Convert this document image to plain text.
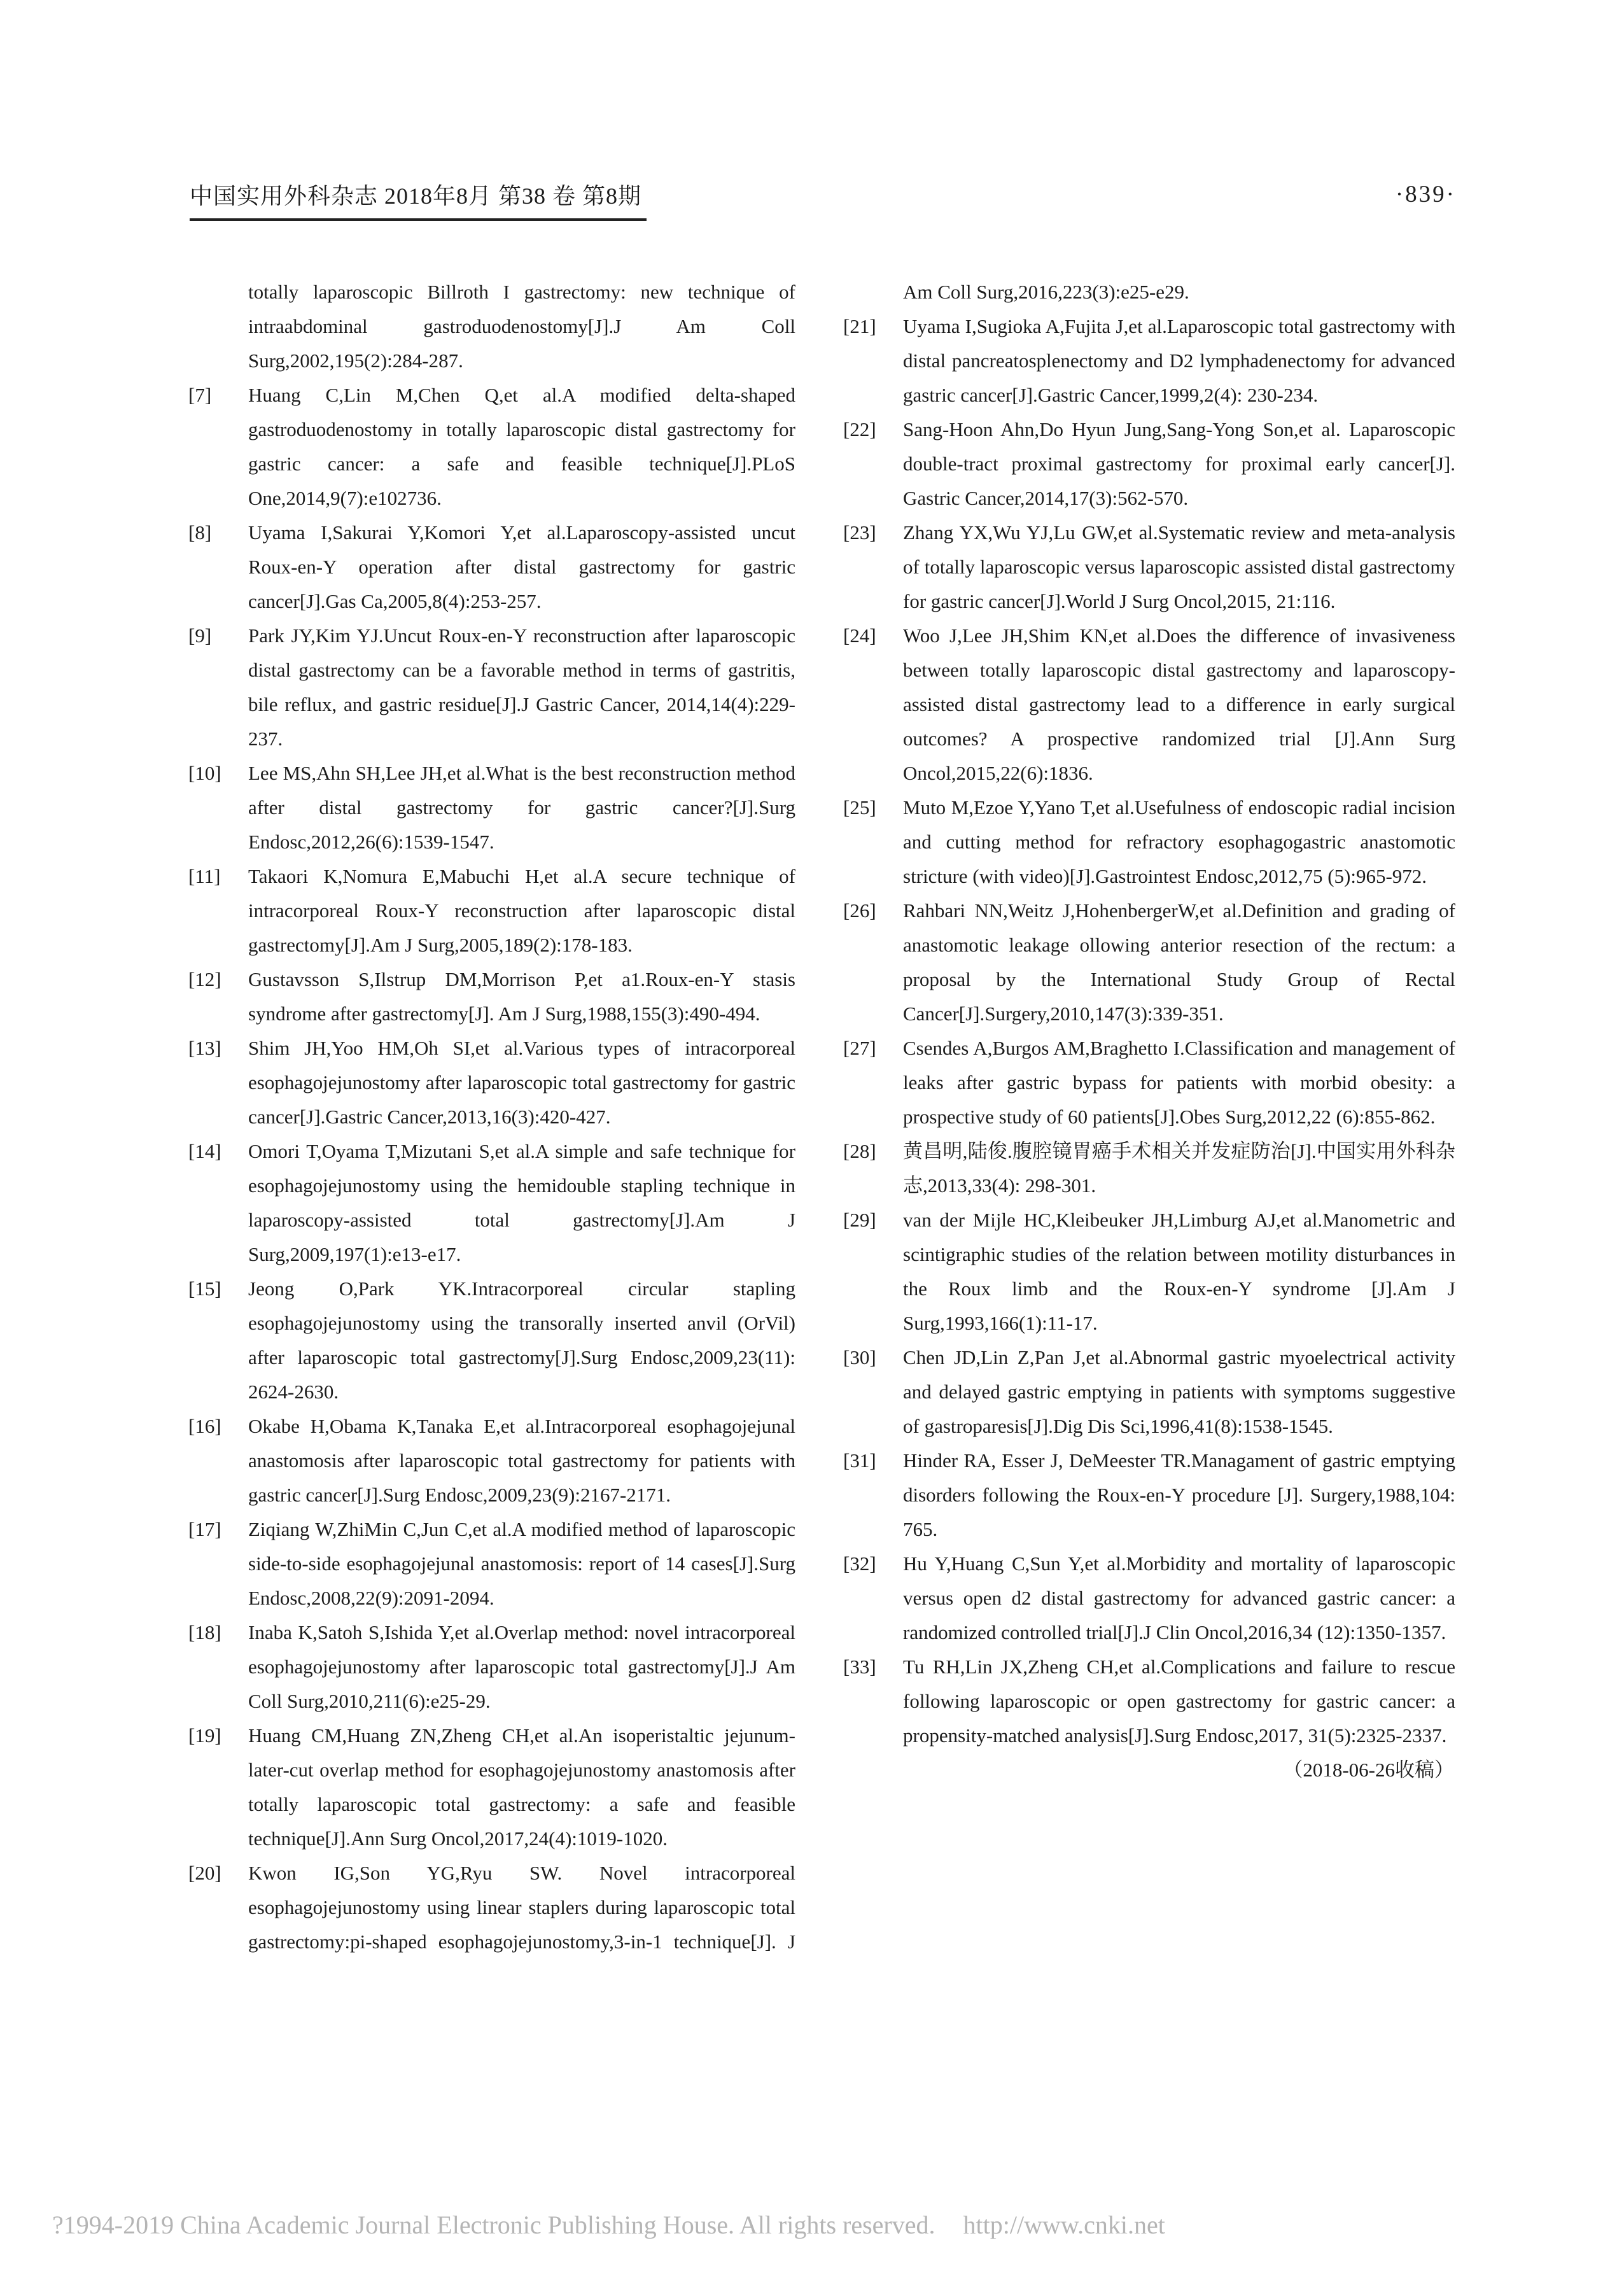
中国实用外科杂志 2018年8月 第38 卷 第8期	·839·
totally laparoscopic Billroth I gastrectomy: new technique of intraabdominal gastroduodenostomy[J].J Am Coll Surg,2002,195(2):284-287.
[7] Huang C,Lin M,Chen Q,et al.A modified delta-shaped gastroduodenostomy in totally laparoscopic distal gastrectomy for gastric cancer: a safe and feasible technique[J].PLoS One,2014,9(7):e102736.
[8] Uyama I,Sakurai Y,Komori Y,et al.Laparoscopy-assisted uncut Roux-en-Y operation after distal gastrectomy for gastric cancer[J].Gas Ca,2005,8(4):253-257.
[9] Park JY,Kim YJ.Uncut Roux-en-Y reconstruction after laparoscopic distal gastrectomy can be a favorable method in terms of gastritis, bile reflux, and gastric residue[J].J Gastric Cancer, 2014,14(4):229-237.
[10] Lee MS,Ahn SH,Lee JH,et al.What is the best reconstruction method after distal gastrectomy for gastric cancer?[J].Surg Endosc,2012,26(6):1539-1547.
[11] Takaori K,Nomura E,Mabuchi H,et al.A secure technique of intracorporeal Roux-Y reconstruction after laparoscopic distal gastrectomy[J].Am J Surg,2005,189(2):178-183.
[12] Gustavsson S,Ilstrup DM,Morrison P,et a1.Roux-en-Y stasis syndrome after gastrectomy[J]. Am J Surg,1988,155(3):490-494.
[13] Shim JH,Yoo HM,Oh SI,et al.Various types of intracorporeal esophagojejunostomy after laparoscopic total gastrectomy for gastric cancer[J].Gastric Cancer,2013,16(3):420-427.
[14] Omori T,Oyama T,Mizutani S,et al.A simple and safe technique for esophagojejunostomy using the hemidouble stapling technique in laparoscopy-assisted total gastrectomy[J].Am J Surg,2009,197(1):e13-e17.
[15] Jeong O,Park YK.Intracorporeal circular stapling esophagojejunostomy using the transorally inserted anvil (OrVil) after laparoscopic total gastrectomy[J].Surg Endosc,2009,23(11): 2624-2630.
[16] Okabe H,Obama K,Tanaka E,et al.Intracorporeal esophagojejunal anastomosis after laparoscopic total gastrectomy for patients with gastric cancer[J].Surg Endosc,2009,23(9):2167-2171.
[17] Ziqiang W,ZhiMin C,Jun C,et al.A modified method of laparoscopic side-to-side esophagojejunal anastomosis: report of 14 cases[J].Surg Endosc,2008,22(9):2091-2094.
[18] Inaba K,Satoh S,Ishida Y,et al.Overlap method: novel intracorporeal esophagojejunostomy after laparoscopic total gastrectomy[J].J Am Coll Surg,2010,211(6):e25-29.
[19] Huang CM,Huang ZN,Zheng CH,et al.An isoperistaltic jejunum-later-cut overlap method for esophagojejunostomy anastomosis after totally laparoscopic total gastrectomy: a safe and feasible technique[J].Ann Surg Oncol,2017,24(4):1019-1020.
[20] Kwon IG,Son YG,Ryu SW. Novel intracorporeal esophagojejunostomy using linear staplers during laparoscopic total gastrectomy:pi-shaped esophagojejunostomy,3-in-1 technique[J]. J
Am Coll Surg,2016,223(3):e25-e29.
[21] Uyama I,Sugioka A,Fujita J,et al.Laparoscopic total gastrectomy with distal pancreatosplenectomy and D2 lymphadenectomy for advanced gastric cancer[J].Gastric Cancer,1999,2(4): 230-234.
[22] Sang-Hoon Ahn,Do Hyun Jung,Sang-Yong Son,et al. Laparoscopic double-tract proximal gastrectomy for proximal early cancer[J]. Gastric Cancer,2014,17(3):562-570.
[23] Zhang YX,Wu YJ,Lu GW,et al.Systematic review and meta-analysis of totally laparoscopic versus laparoscopic assisted distal gastrectomy for gastric cancer[J].World J Surg Oncol,2015, 21:116.
[24] Woo J,Lee JH,Shim KN,et al.Does the difference of invasiveness between totally laparoscopic distal gastrectomy and laparoscopy-assisted distal gastrectomy lead to a difference in early surgical outcomes? A prospective randomized trial [J].Ann Surg Oncol,2015,22(6):1836.
[25] Muto M,Ezoe Y,Yano T,et al.Usefulness of endoscopic radial incision and cutting method for refractory esophagogastric anastomotic stricture (with video)[J].Gastrointest Endosc,2012,75 (5):965-972.
[26] Rahbari NN,Weitz J,HohenbergerW,et al.Definition and grading of anastomotic leakage ollowing anterior resection of the rectum: a proposal by the International Study Group of Rectal Cancer[J].Surgery,2010,147(3):339-351.
[27] Csendes A,Burgos AM,Braghetto I.Classification and management of leaks after gastric bypass for patients with morbid obesity: a prospective study of 60 patients[J].Obes Surg,2012,22 (6):855-862.
[28] 黄昌明,陆俊.腹腔镜胃癌手术相关并发症防治[J].中国实用外科杂志,2013,33(4): 298-301.
[29] van der Mijle HC,Kleibeuker JH,Limburg AJ,et al.Manometric and scintigraphic studies of the relation between motility disturbances in the Roux limb and the Roux-en-Y syndrome [J].Am J Surg,1993,166(1):11-17.
[30] Chen JD,Lin Z,Pan J,et al.Abnormal gastric myoelectrical activity and delayed gastric emptying in patients with symptoms suggestive of gastroparesis[J].Dig Dis Sci,1996,41(8):1538-1545.
[31] Hinder RA, Esser J, DeMeester TR.Managament of gastric emptying disorders following the Roux-en-Y procedure [J]. Surgery,1988,104: 765.
[32] Hu Y,Huang C,Sun Y,et al.Morbidity and mortality of laparoscopic versus open d2 distal gastrectomy for advanced gastric cancer: a randomized controlled trial[J].J Clin Oncol,2016,34 (12):1350-1357.
[33] Tu RH,Lin JX,Zheng CH,et al.Complications and failure to rescue following laparoscopic or open gastrectomy for gastric cancer: a propensity-matched analysis[J].Surg Endosc,2017, 31(5):2325-2337.
（2018-06-26收稿）
?1994-2019 China Academic Journal Electronic Publishing House. All rights reserved. http://www.cnki.net
